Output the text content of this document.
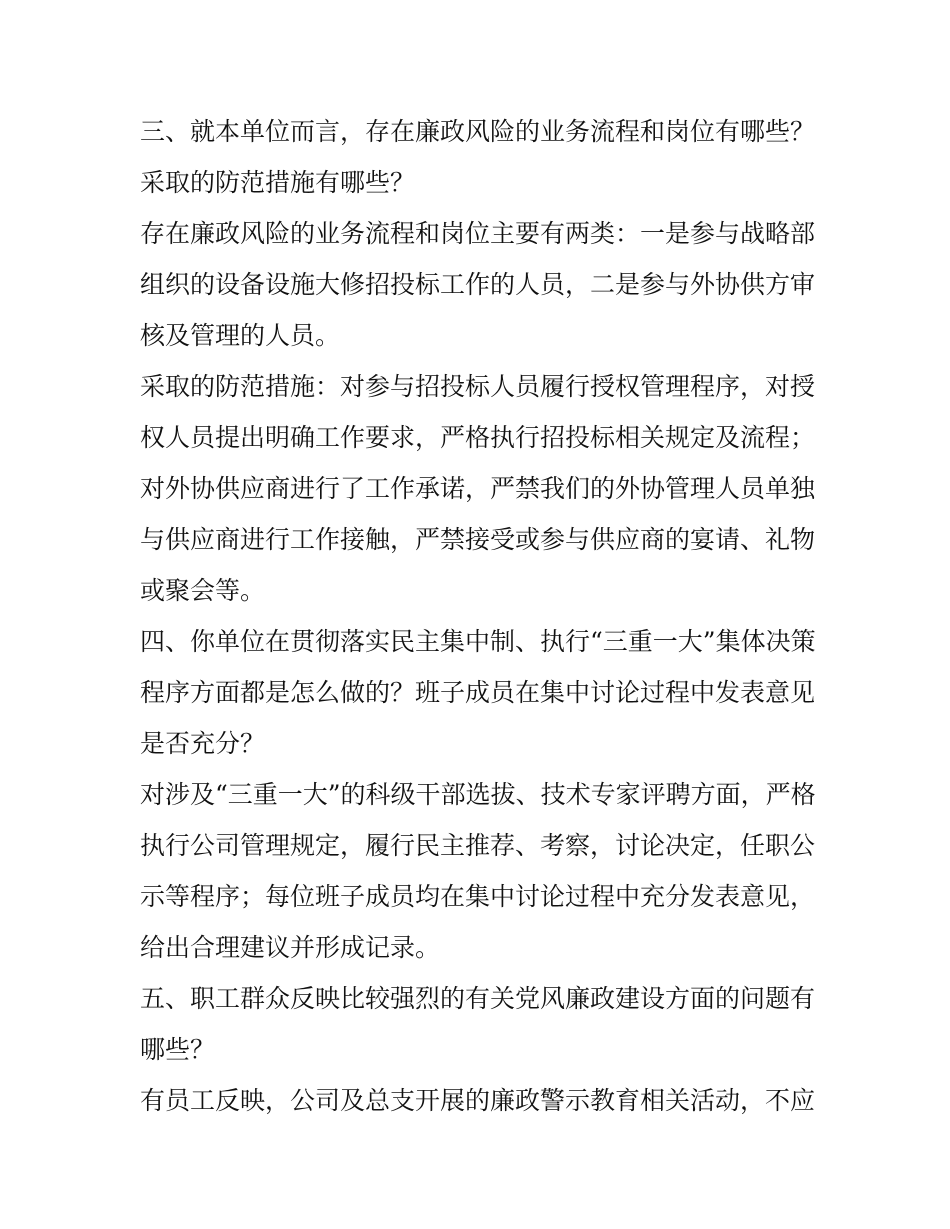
三、就本单位而言，存在廉政风险的业务流程和岗位有哪些？
采取的防范措施有哪些？

存在廉政风险的业务流程和岗位主要有两类：一是参与战略部
组织的设备设施大修招投标工作的人员，二是参与外协供方审
核及管理的人员。

采取的防范措施：对参与招投标人员履行授权管理程序，对授
权人员提出明确工作要求，严格执行招投标相关规定及流程；
对外协供应商进行了工作承诺，严禁我们的外协管理人员单独
与供应商进行工作接触，严禁接受或参与供应商的宴请、礼物
或聚会等。

四、你单位在贯彻落实民主集中制、执行“三重一大”集体决策
程序方面都是怎么做的？班子成员在集中讨论过程中发表意见
是否充分？

对涉及“三重一大”的科级干部选拔、技术专家评聘方面，严格
执行公司管理规定，履行民主推荐、考察，讨论决定，任职公
示等程序；每位班子成员均在集中讨论过程中充分发表意见，
给出合理建议并形成记录。

五、职工群众反映比较强烈的有关党风廉政建设方面的问题有
哪些？

有员工反映，公司及总支开展的廉政警示教育相关活动，不应
